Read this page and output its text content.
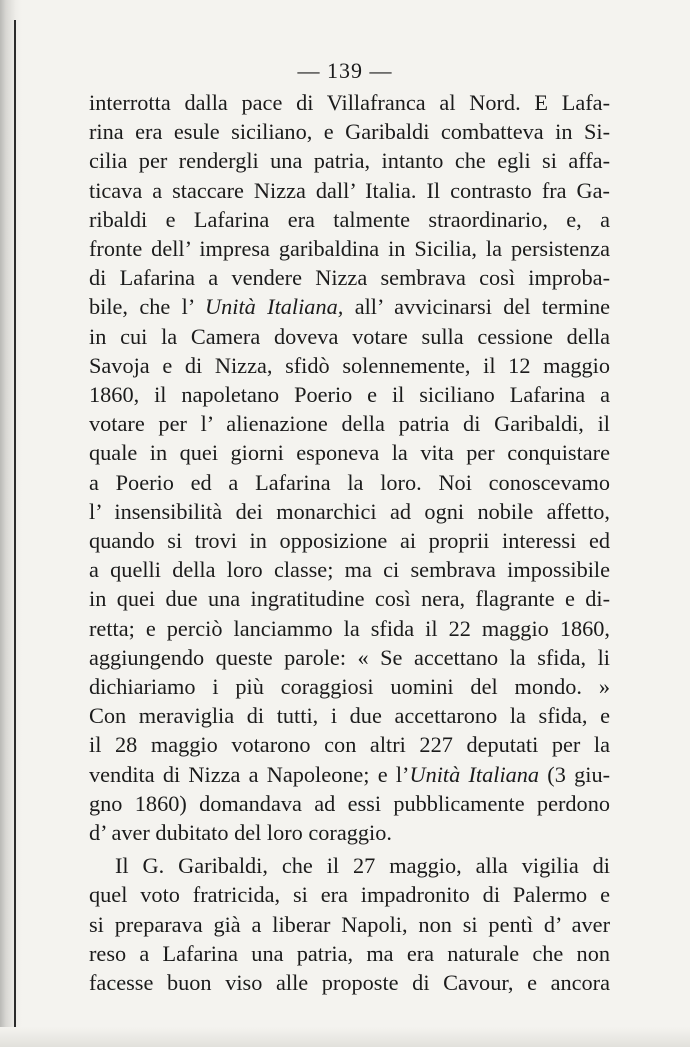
— 139 —
interrotta dalla pace di Villafranca al Nord. E Lafa-
rina era esule siciliano, e Garibaldi combatteva in Si-
cilia per rendergli una patria, intanto che egli si affa-
ticava a staccare Nizza dall’ Italia. Il contrasto fra Ga-
ribaldi e Lafarina era talmente straordinario, e, a
fronte dell’ impresa garibaldina in Sicilia, la persistenza
di Lafarina a vendere Nizza sembrava così improba-
bile, che l’ Unità Italiana, all’ avvicinarsi del termine
in cui la Camera doveva votare sulla cessione della
Savoja e di Nizza, sfidò solennemente, il 12 maggio
1860, il napoletano Poerio e il siciliano Lafarina a
votare per l’ alienazione della patria di Garibaldi, il
quale in quei giorni esponeva la vita per conquistare
a Poerio ed a Lafarina la loro. Noi conoscevamo
l’ insensibilità dei monarchici ad ogni nobile affetto,
quando si trovi in opposizione ai proprii interessi ed
a quelli della loro classe; ma ci sembrava impossibile
in quei due una ingratitudine così nera, flagrante e di-
retta; e perciò lanciammo la sfida il 22 maggio 1860,
aggiungendo queste parole: « Se accettano la sfida, li
dichiariamo i più coraggiosi uomini del mondo. »
Con meraviglia di tutti, i due accettarono la sfida, e
il 28 maggio votarono con altri 227 deputati per la
vendita di Nizza a Napoleone; e l’Unità Italiana (3 giu-
gno 1860) domandava ad essi pubblicamente perdono
d’ aver dubitato del loro coraggio.
Il G. Garibaldi, che il 27 maggio, alla vigilia di
quel voto fratricida, si era impadronito di Palermo e
si preparava già a liberar Napoli, non si pentì d’ aver
reso a Lafarina una patria, ma era naturale che non
facesse buon viso alle proposte di Cavour, e ancora
